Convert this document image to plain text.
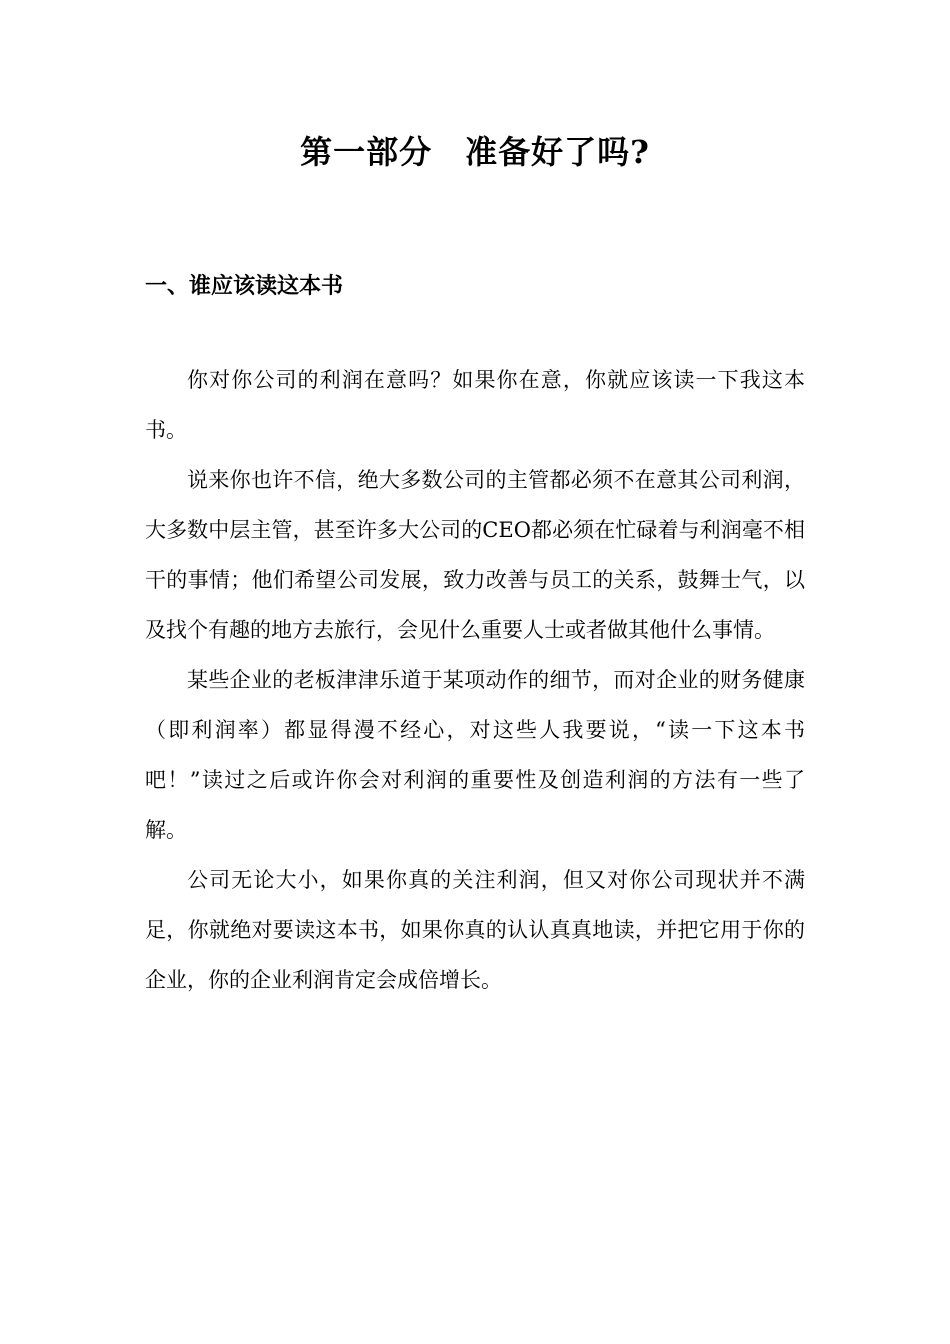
第一部分　准备好了吗?
一、谁应该读这本书

你对你公司的利润在意吗？如果你在意，你就应该读一下我这本书。

说来你也许不信，绝大多数公司的主管都必须不在意其公司利润，大多数中层主管，甚至许多大公司的CEO都必须在忙碌着与利润毫不相干的事情；他们希望公司发展，致力改善与员工的关系，鼓舞士气，以及找个有趣的地方去旅行，会见什么重要人士或者做其他什么事情。

某些企业的老板津津乐道于某项动作的细节，而对企业的财务健康（即利润率）都显得漫不经心，对这些人我要说，“读一下这本书吧！”读过之后或许你会对利润的重要性及创造利润的方法有一些了解。

公司无论大小，如果你真的关注利润，但又对你公司现状并不满足，你就绝对要读这本书，如果你真的认认真真地读，并把它用于你的企业，你的企业利润肯定会成倍增长。
